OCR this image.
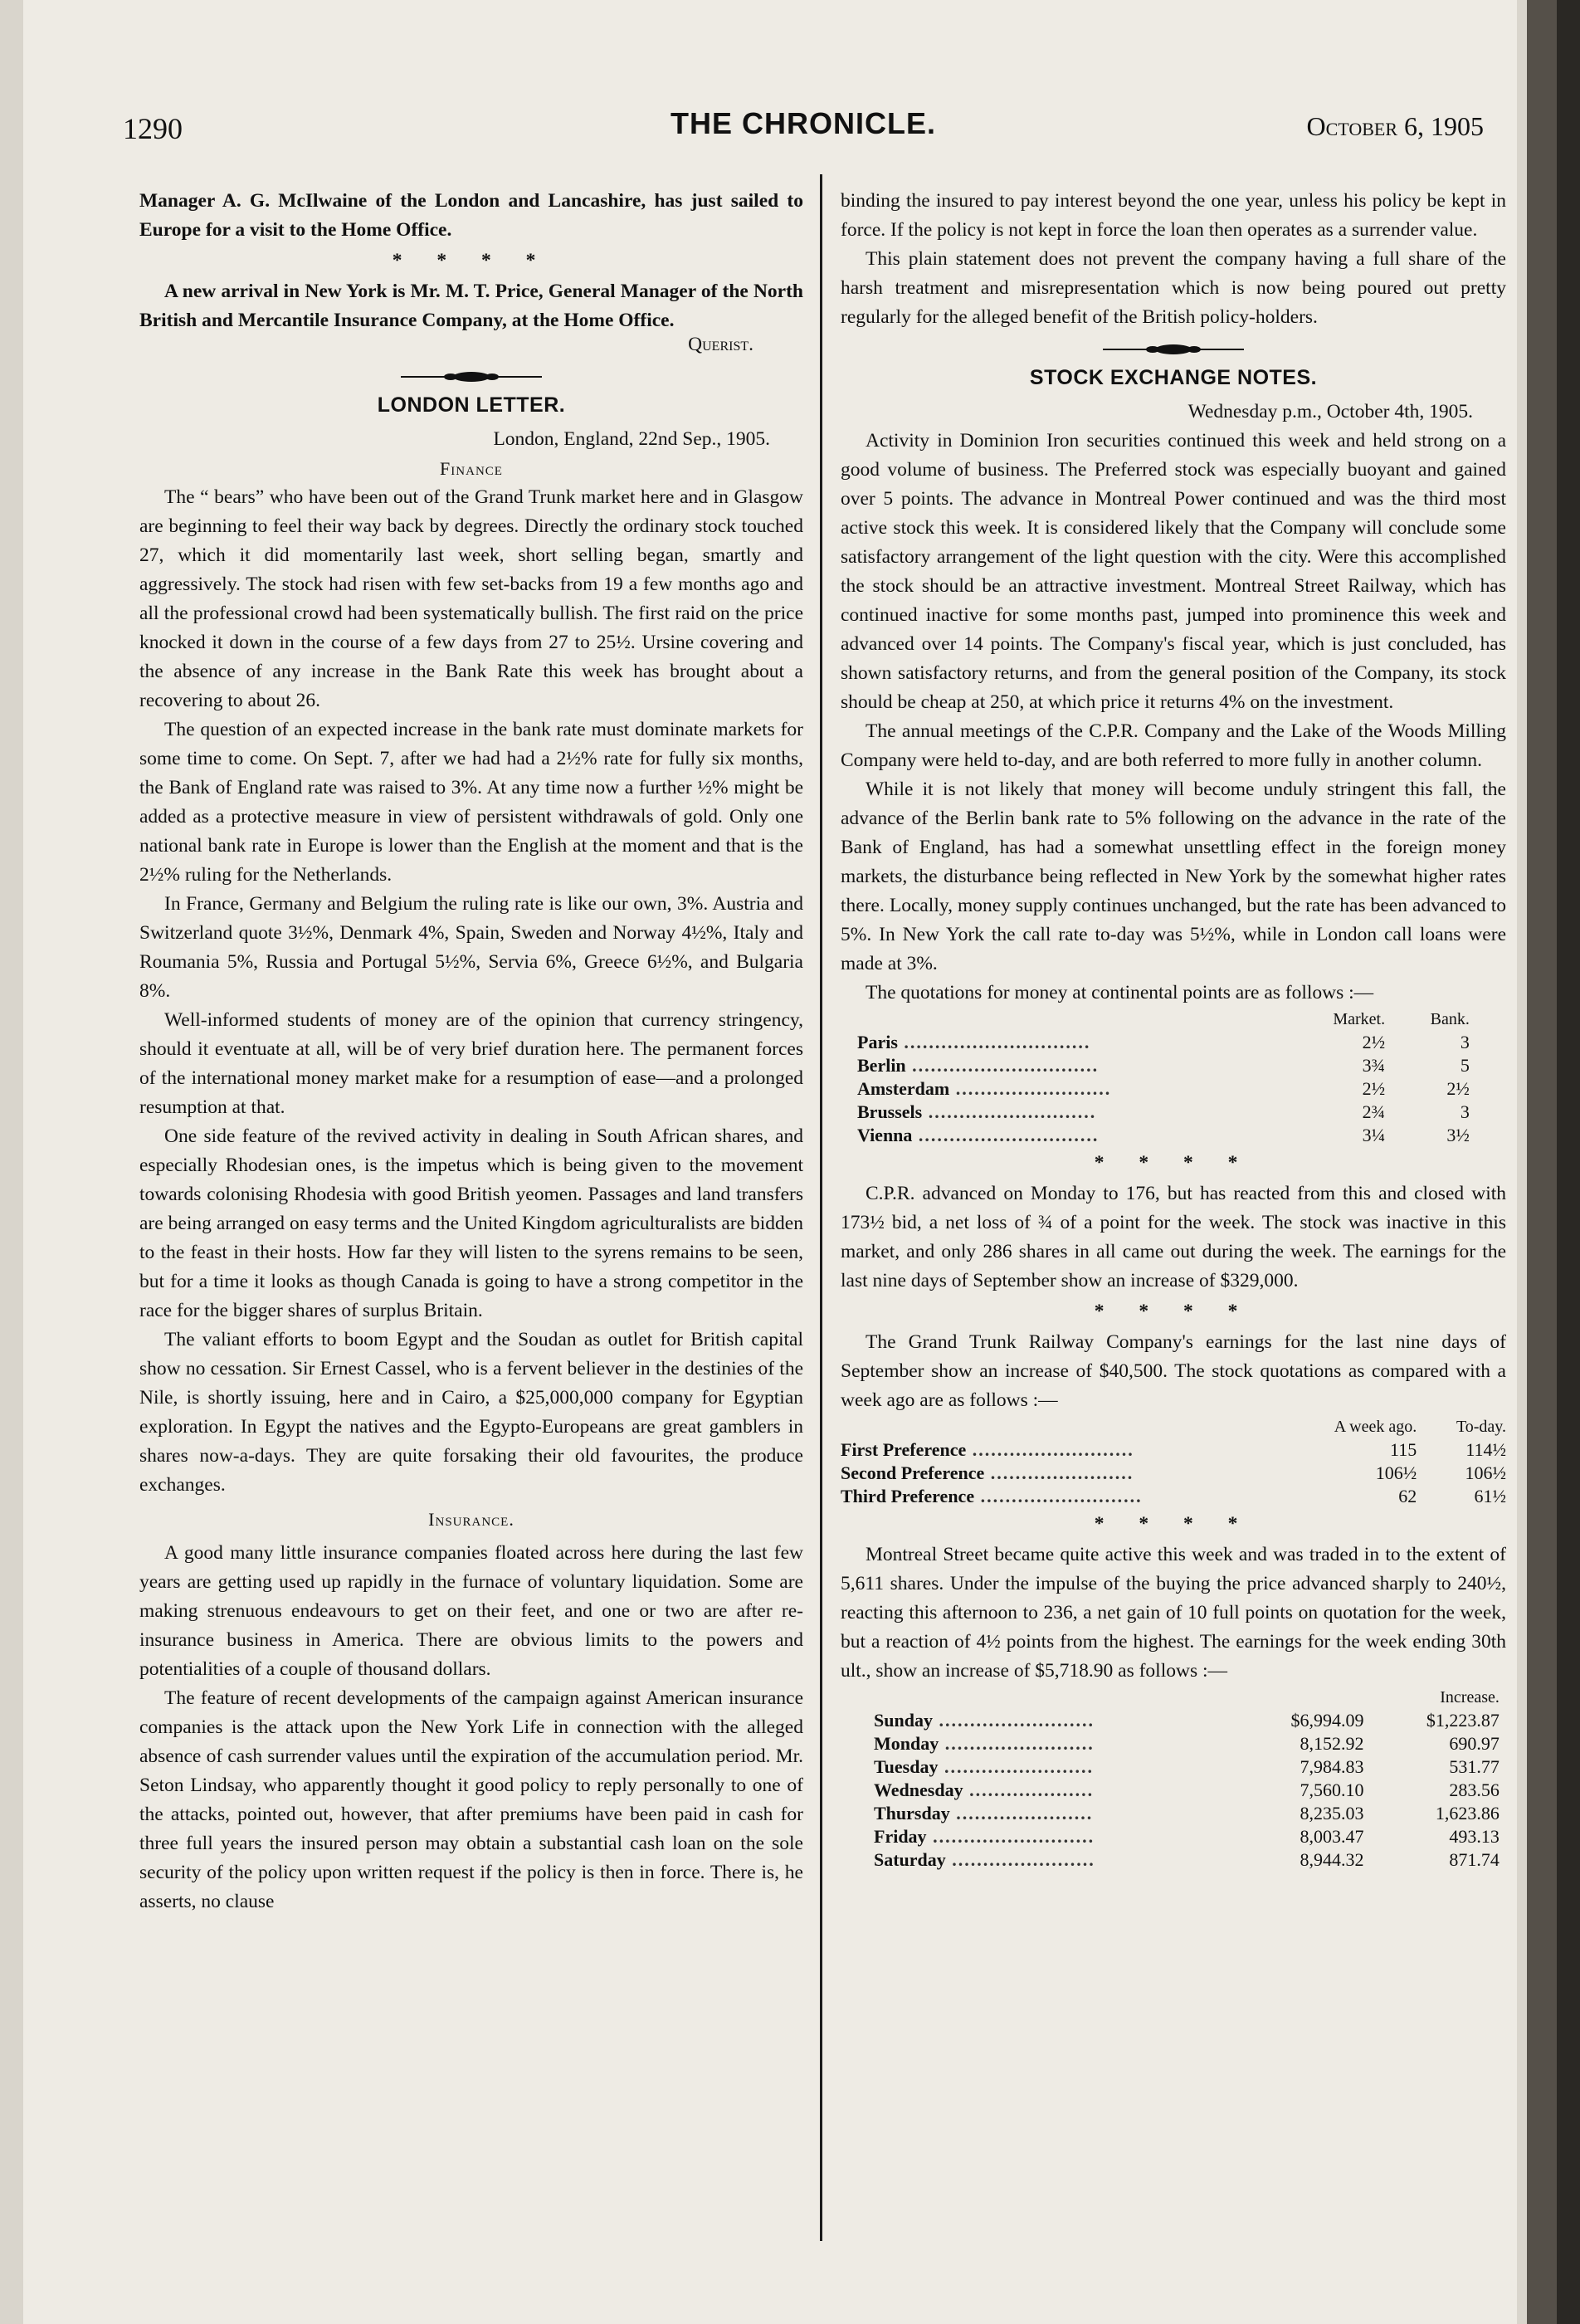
1290	THE CHRONICLE.	October 6, 1905

Manager A. G. McIlwaine of the London and Lancashire, has just sailed to Europe for a visit to the Home Office.

* * * *

A new arrival in New York is Mr. M. T. Price, General Manager of the North British and Mercantile Insurance Company, at the Home Office.

Querist.
LONDON LETTER.
London, England, 22nd Sep., 1905.
Finance

The “ bears” who have been out of the Grand Trunk market here and in Glasgow are beginning to feel their way back by degrees. Directly the ordinary stock touched 27, which it did momentarily last week, short selling began, smartly and aggressively. The stock had risen with few set-backs from 19 a few months ago and all the professional crowd had been systematically bullish. The first raid on the price knocked it down in the course of a few days from 27 to 25½. Ursine covering and the absence of any increase in the Bank Rate this week has brought about a recovering to about 26.

The question of an expected increase in the bank rate must dominate markets for some time to come. On Sept. 7, after we had had a 2½% rate for fully six months, the Bank of England rate was raised to 3%. At any time now a further ½% might be added as a protective measure in view of persistent withdrawals of gold. Only one national bank rate in Europe is lower than the English at the moment and that is the 2½% ruling for the Netherlands.

In France, Germany and Belgium the ruling rate is like our own, 3%. Austria and Switzerland quote 3½%, Denmark 4%, Spain, Sweden and Norway 4½%, Italy and Roumania 5%, Russia and Portugal 5½%, Servia 6%, Greece 6½%, and Bulgaria 8%.

Well-informed students of money are of the opinion that currency stringency, should it eventuate at all, will be of very brief duration here. The permanent forces of the international money market make for a resumption of ease—and a prolonged resumption at that.

One side feature of the revived activity in dealing in South African shares, and especially Rhodesian ones, is the impetus which is being given to the movement towards colonising Rhodesia with good British yeomen. Passages and land transfers are being arranged on easy terms and the United Kingdom agriculturalists are bidden to the feast in their hosts. How far they will listen to the syrens remains to be seen, but for a time it looks as though Canada is going to have a strong competitor in the race for the bigger shares of surplus Britain.

The valiant efforts to boom Egypt and the Soudan as outlet for British capital show no cessation. Sir Ernest Cassel, who is a fervent believer in the destinies of the Nile, is shortly issuing, here and in Cairo, a $25,000,000 company for Egyptian exploration. In Egypt the natives and the Egypto-Europeans are great gamblers in shares now-a-days. They are quite forsaking their old favourites, the produce exchanges.

Insurance.

A good many little insurance companies floated across here during the last few years are getting used up rapidly in the furnace of voluntary liquidation. Some are making strenuous endeavours to get on their feet, and one or two are after re-insurance business in America. There are obvious limits to the powers and potentialities of a couple of thousand dollars.

The feature of recent developments of the campaign against American insurance companies is the attack upon the New York Life in connection with the alleged absence of cash surrender values until the expiration of the accumulation period. Mr. Seton Lindsay, who apparently thought it good policy to reply personally to one of the attacks, pointed out, however, that after premiums have been paid in cash for three full years the insured person may obtain a substantial cash loan on the sole security of the policy upon written request if the policy is then in force. There is, he asserts, no clause

binding the insured to pay interest beyond the one year, unless his policy be kept in force. If the policy is not kept in force the loan then operates as a surrender value.

This plain statement does not prevent the company having a full share of the harsh treatment and misrepresentation which is now being poured out pretty regularly for the alleged benefit of the British policy-holders.

STOCK EXCHANGE NOTES.
Wednesday p.m., October 4th, 1905.

Activity in Dominion Iron securities continued this week and held strong on a good volume of business. The Preferred stock was especially buoyant and gained over 5 points. The advance in Montreal Power continued and was the third most active stock this week. It is considered likely that the Company will conclude some satisfactory arrangement of the light question with the city. Were this accomplished the stock should be an attractive investment. Montreal Street Railway, which has continued inactive for some months past, jumped into prominence this week and advanced over 14 points. The Company's fiscal year, which is just concluded, has shown satisfactory returns, and from the general position of the Company, its stock should be cheap at 250, at which price it returns 4% on the investment.

The annual meetings of the C.P.R. Company and the Lake of the Woods Milling Company were held to-day, and are both referred to more fully in another column.

While it is not likely that money will become unduly stringent this fall, the advance of the Berlin bank rate to 5% following on the advance in the rate of the Bank of England, has had a somewhat unsettling effect in the foreign money markets, the disturbance being reflected in New York by the somewhat higher rates there. Locally, money supply continues unchanged, but the rate has been advanced to 5%. In New York the call rate to-day was 5½%, while in London call loans were made at 3%.

The quotations for money at continental points are as follows :—

	Market.	Bank.
Paris ..............................	2½	3
Berlin ..............................	3¾	5
Amsterdam .........................	2½	2½
Brussels ...........................	2¾	3
Vienna .............................	3¼	3½
* * * *

C.P.R. advanced on Monday to 176, but has reacted from this and closed with 173½ bid, a net loss of ¾ of a point for the week. The stock was inactive in this market, and only 286 shares in all came out during the week. The earnings for the last nine days of September show an increase of $329,000.

* * * *

The Grand Trunk Railway Company's earnings for the last nine days of September show an increase of $40,500. The stock quotations as compared with a week ago are as follows :—

	A week ago.	To-day.
First Preference ..........................	115	114½
Second Preference .......................	106½	106½
Third Preference ..........................	62	61½
* * * *

Montreal Street became quite active this week and was traded in to the extent of 5,611 shares. Under the impulse of the buying the price advanced sharply to 240½, reacting this afternoon to 236, a net gain of 10 full points on quotation for the week, but a reaction of 4½ points from the highest. The earnings for the week ending 30th ult., show an increase of $5,718.90 as follows :—

		Increase.
Sunday .........................	$6,994.09	$1,223.87
Monday ........................	8,152.92	690.97
Tuesday ........................	7,984.83	531.77
Wednesday ....................	7,560.10	283.56
Thursday ......................	8,235.03	1,623.86
Friday ..........................	8,003.47	493.13
Saturday .......................	8,944.32	871.74
